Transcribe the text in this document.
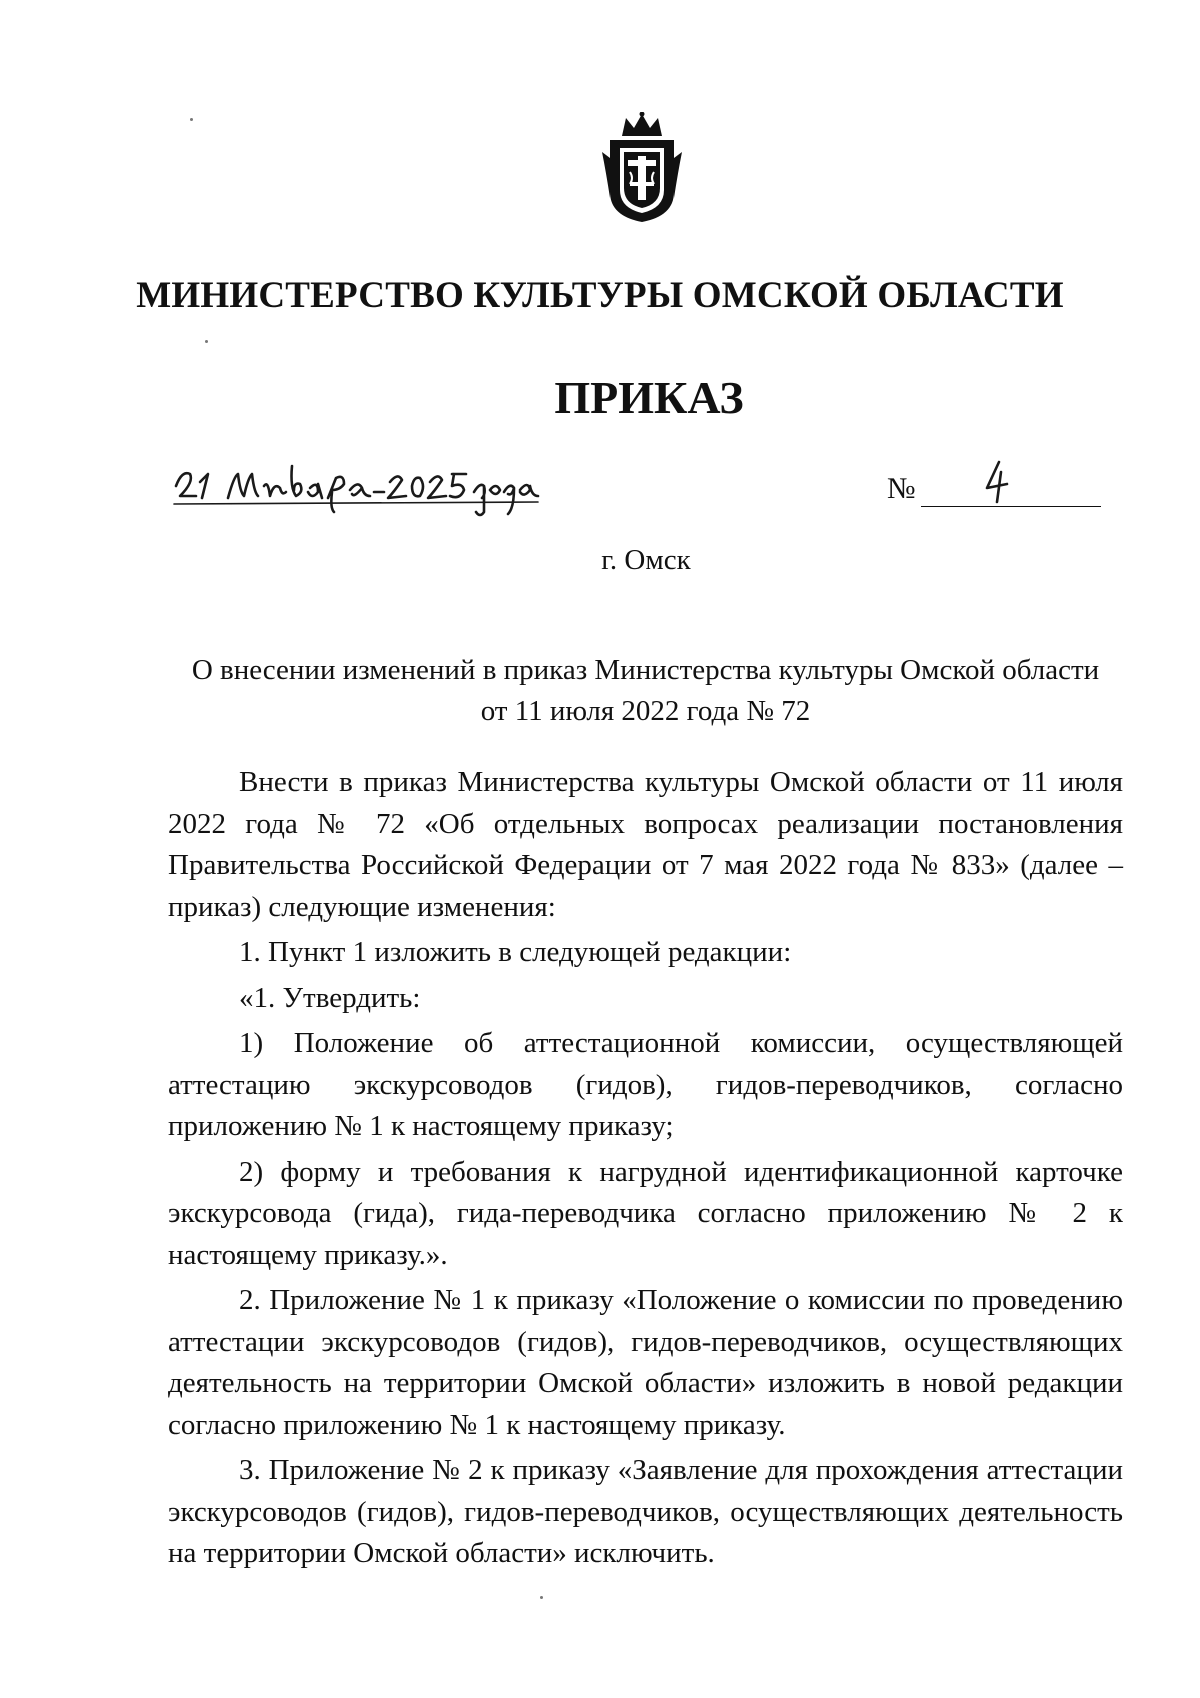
МИНИСТЕРСТВО КУЛЬТУРЫ ОМСКОЙ ОБЛАСТИ
ПРИКАЗ
№

г. Омск

О внесении изменений в приказ Министерства культуры Омской области
от 11 июля 2022 года № 72

Внести в приказ Министерства культуры Омской области от 11 июля 2022 года № 72 «Об отдельных вопросах реализации постановления Правительства Российской Федерации от 7 мая 2022 года № 833» (далее – приказ) следующие изменения:

1. Пункт 1 изложить в следующей редакции:

«1. Утвердить:

1) Положение об аттестационной комиссии, осуществляющей аттестацию экскурсоводов (гидов), гидов-переводчиков, согласно приложению № 1 к настоящему приказу;

2) форму и требования к нагрудной идентификационной карточке экскурсовода (гида), гида-переводчика согласно приложению № 2 к настоящему приказу.».

2. Приложение № 1 к приказу «Положение о комиссии по проведению аттестации экскурсоводов (гидов), гидов-переводчиков, осуществляющих деятельность на территории Омской области» изложить в новой редакции согласно приложению № 1 к настоящему приказу.

3. Приложение № 2 к приказу «Заявление для прохождения аттестации экскурсоводов (гидов), гидов-переводчиков, осуществляющих деятельность на территории Омской области» исключить.
